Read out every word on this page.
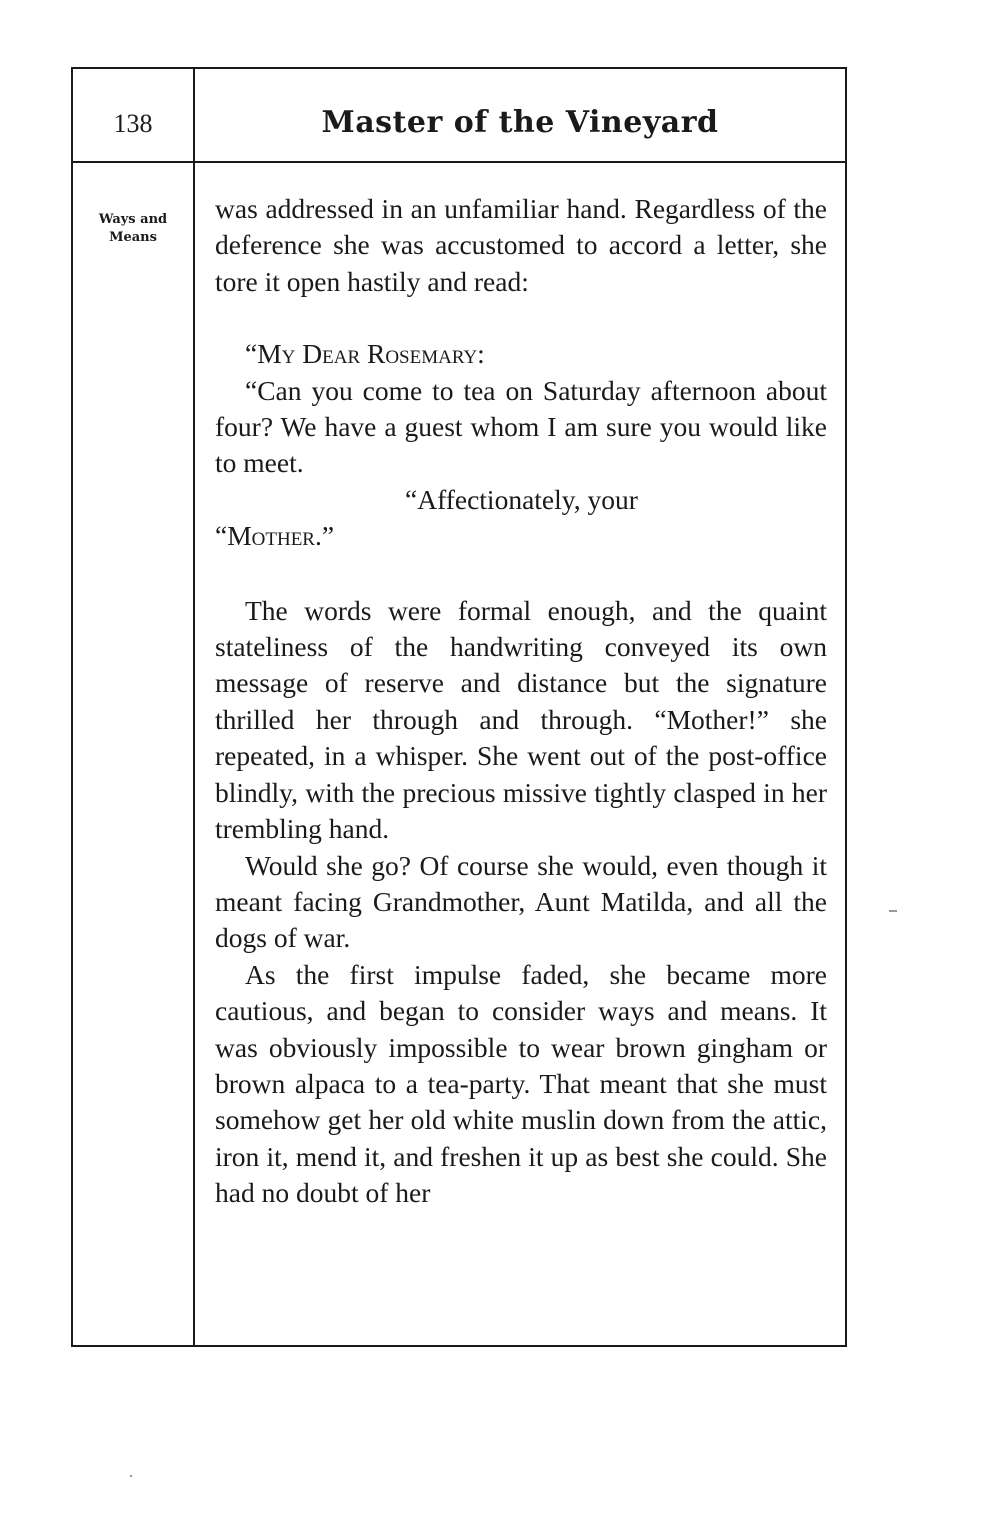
138	Master of the Vineyard
Ways and
Means

was addressed in an unfamiliar hand. Regardless of the deference she was accustomed to accord a letter, she tore it open hastily and read:

“My Dear Rosemary:

“Can you come to tea on Saturday afternoon about four? We have a guest whom I am sure you would like to meet.

“Affectionately, your

“Mother.”

The words were formal enough, and the quaint stateliness of the handwriting conveyed its own message of reserve and distance but the signature thrilled her through and through. “Mother!” she repeated, in a whisper. She went out of the post-office blindly, with the precious missive tightly clasped in her trembling hand.

Would she go? Of course she would, even though it meant facing Grandmother, Aunt Matilda, and all the dogs of war.

As the first impulse faded, she became more cautious, and began to consider ways and means. It was obviously impossible to wear brown gingham or brown alpaca to a tea-party. That meant that she must somehow get her old white muslin down from the attic, iron it, mend it, and freshen it up as best she could. She had no doubt of her
